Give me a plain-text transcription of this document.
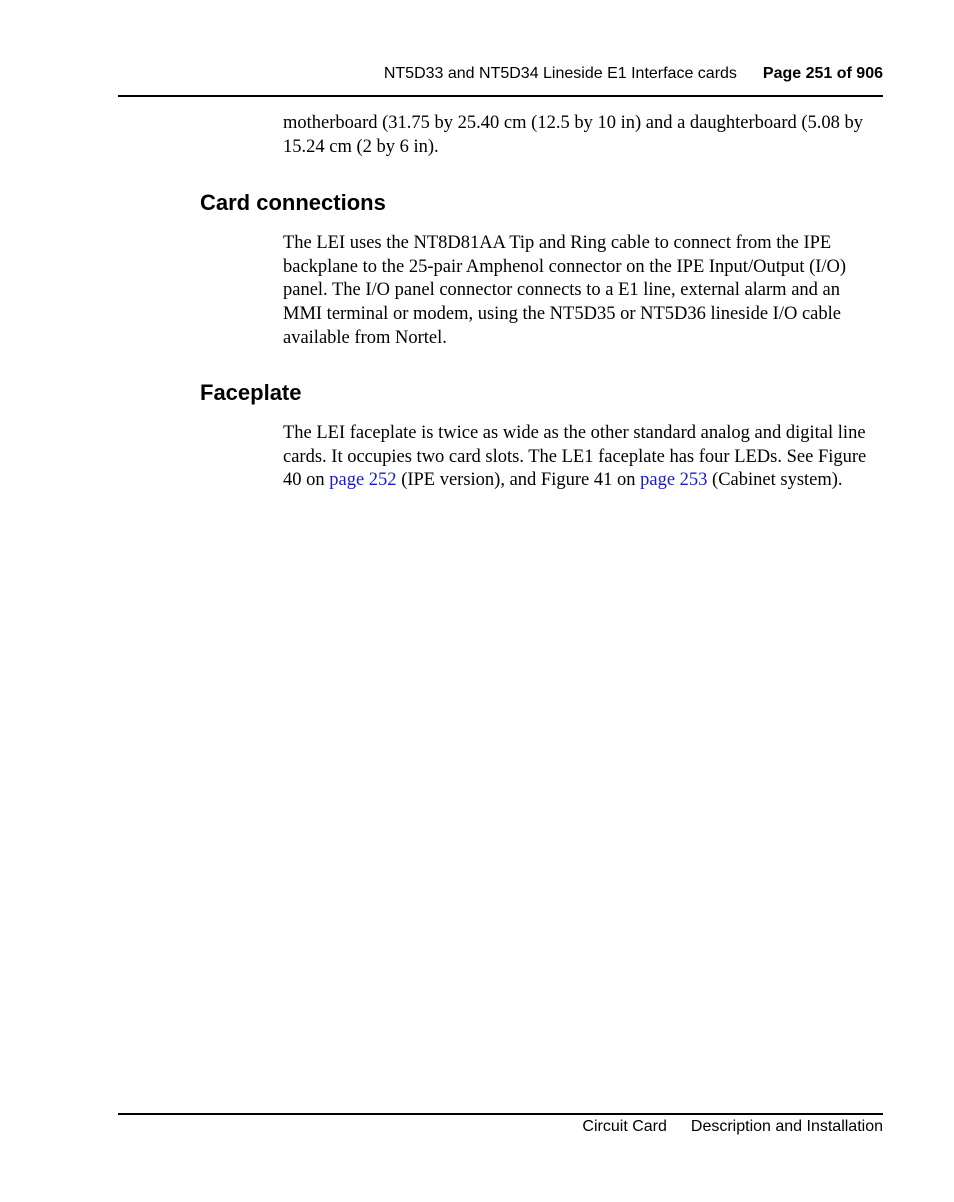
NT5D33 and NT5D34 Lineside E1 Interface cards Page 251 of 906

motherboard (31.75 by 25.40 cm (12.5 by 10 in) and a daughterboard (5.08 by 15.24 cm (2 by 6 in).

Card connections

The LEI uses the NT8D81AA Tip and Ring cable to connect from the IPE backplane to the 25-pair Amphenol connector on the IPE Input/Output (I/O) panel. The I/O panel connector connects to a E1 line, external alarm and an MMI terminal or modem, using the NT5D35 or NT5D36 lineside I/O cable available from Nortel.

Faceplate

The LEI faceplate is twice as wide as the other standard analog and digital line cards. It occupies two card slots. The LE1 faceplate has four LEDs. See Figure 40 on page 252 (IPE version), and Figure 41 on page 253 (Cabinet system).

Circuit Card Description and Installation
